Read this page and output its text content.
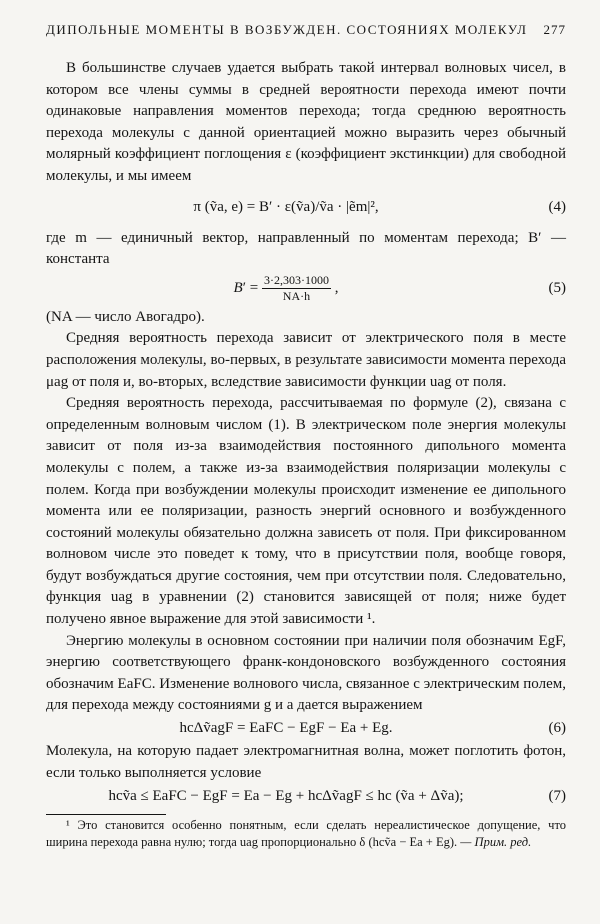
ДИПОЛЬНЫЕ МОМЕНТЫ В ВОЗБУЖДЕН. СОСТОЯНИЯХ МОЛЕКУЛ 277

В большинстве случаев удается выбрать такой интервал волновых чисел, в котором все члены суммы в средней вероятности перехода имеют почти одинаковые направления моментов перехода; тогда среднюю вероятность перехода молекулы с данной ориентацией можно выразить через обычный молярный коэффициент поглощения ε (коэффициент экстинкции) для свободной молекулы, и мы имеем

π (ṽa, e) = B′ · ε(ṽa)/ṽa · |ẽm|²,	(4)

где m — единичный вектор, направленный по моментам перехода; B′ — константа

$B' = \frac{3\cdot 2,303\cdot 1000}{NA\cdot h}$ ,	(5)

(NA — число Авогадро).

Средняя вероятность перехода зависит от электрического поля в месте расположения молекулы, во-первых, в результате зависимости момента перехода μag от поля и, во-вторых, вследствие зависимости функции uag от поля.

Средняя вероятность перехода, рассчитываемая по формуле (2), связана с определенным волновым числом (1). В электрическом поле энергия молекулы зависит от поля из-за взаимодействия постоянного дипольного момента молекулы с полем, а также из-за взаимодействия поляризации молекулы с полем. Когда при возбуждении молекулы происходит изменение ее дипольного момента или ее поляризации, разность энергий основного и возбужденного состояний молекулы обязательно должна зависеть от поля. При фиксированном волновом числе это поведет к тому, что в присутствии поля, вообще говоря, будут возбуждаться другие состояния, чем при отсутствии поля. Следовательно, функция uag в уравнении (2) становится зависящей от поля; ниже будет получено явное выражение для этой зависимости ¹.

Энергию молекулы в основном состоянии при наличии поля обозначим EgF, энергию соответствующего франк-кондоновского возбужденного состояния обозначим EaFC. Изменение волнового числа, связанное с электрическим полем, для перехода между состояниями g и a дается выражением

hcΔṽagF = EaFC − EgF − Ea + Eg.	(6)

Молекула, на которую падает электромагнитная волна, может поглотить фотон, если только выполняется условие

hcṽa ≤ EaFC − EgF = Ea − Eg + hcΔṽagF ≤ hc (ṽa + Δṽa);	(7)

¹ Это становится особенно понятным, если сделать нереалистическое допущение, что ширина перехода равна нулю; тогда uag пропорционально δ (hcṽa − Ea + Eg). — Прим. ред.
